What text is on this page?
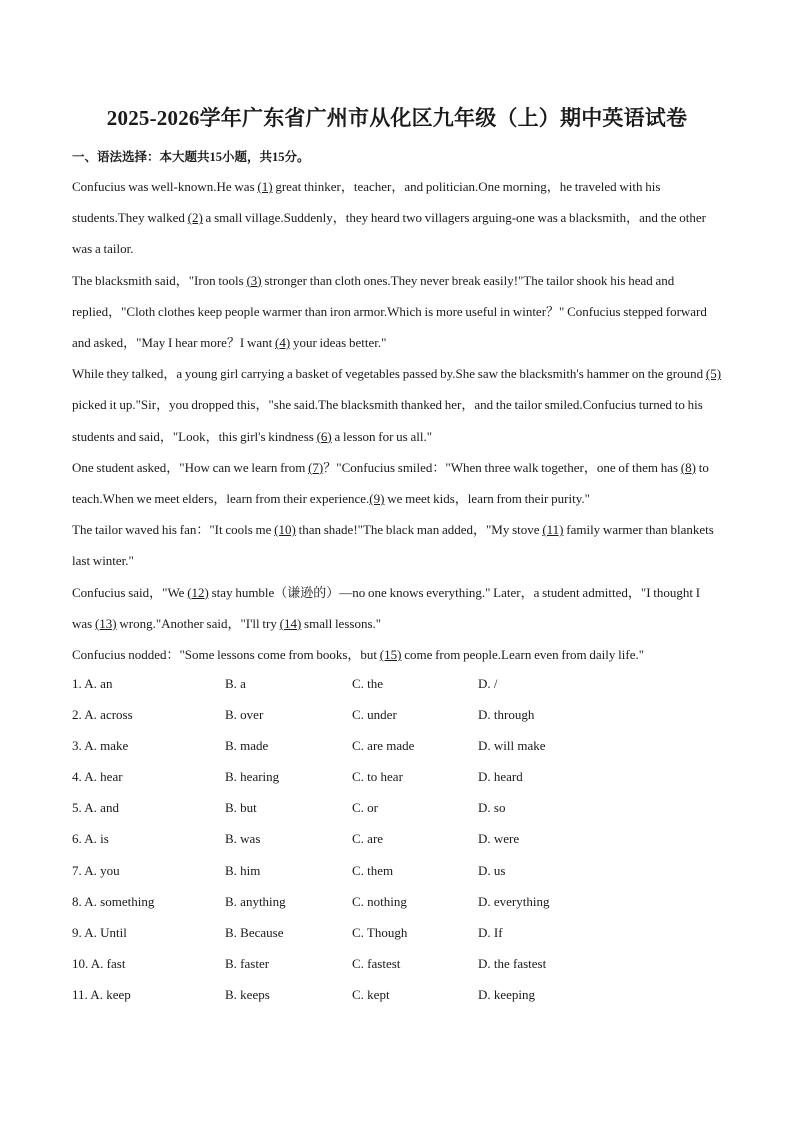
2025-2026学年广东省广州市从化区九年级（上）期中英语试卷
一、语法选择：本大题共15小题，共15分。

Confucius was well-known.He was (1) great thinker，teacher，and politician.One morning，he traveled with his students.They walked (2) a small village.Suddenly，they heard two villagers arguing-one was a blacksmith，and the other was a tailor.

The blacksmith said，"Iron tools (3) stronger than cloth ones.They never break easily!"The tailor shook his head and replied，"Cloth clothes keep people warmer than iron armor.Which is more useful in winter？" Confucius stepped forward and asked，"May I hear more？I want (4) your ideas better."

While they talked，a young girl carrying a basket of vegetables passed by.She saw the blacksmith's hammer on the ground (5) picked it up."Sir，you dropped this，"she said.The blacksmith thanked her，and the tailor smiled.Confucius turned to his students and said，"Look，this girl's kindness (6) a lesson for us all."

One student asked，"How can we learn from (7)？"Confucius smiled："When three walk together，one of them has (8) to teach.When we meet elders，learn from their experience.(9) we meet kids，learn from their purity."

The tailor waved his fan："It cools me (10) than shade!"The black man added，"My stove (11) family warmer than blankets last winter."

Confucius said，"We (12) stay humble（谦逊的）—no one knows everything." Later，a student admitted，"I thought I was (13) wrong."Another said，"I'll try (14) small lessons."

Confucius nodded："Some lessons come from books，but (15) come from people.Learn even from daily life."

1. A. an	B. a	C. the	D. /
2. A. across	B. over	C. under	D. through
3. A. make	B. made	C. are made	D. will make
4. A. hear	B. hearing	C. to hear	D. heard
5. A. and	B. but	C. or	D. so
6. A. is	B. was	C. are	D. were
7. A. you	B. him	C. them	D. us
8. A. something	B. anything	C. nothing	D. everything
9. A. Until	B. Because	C. Though	D. If
10. A. fast	B. faster	C. fastest	D. the fastest
11. A. keep	B. keeps	C. kept	D. keeping
